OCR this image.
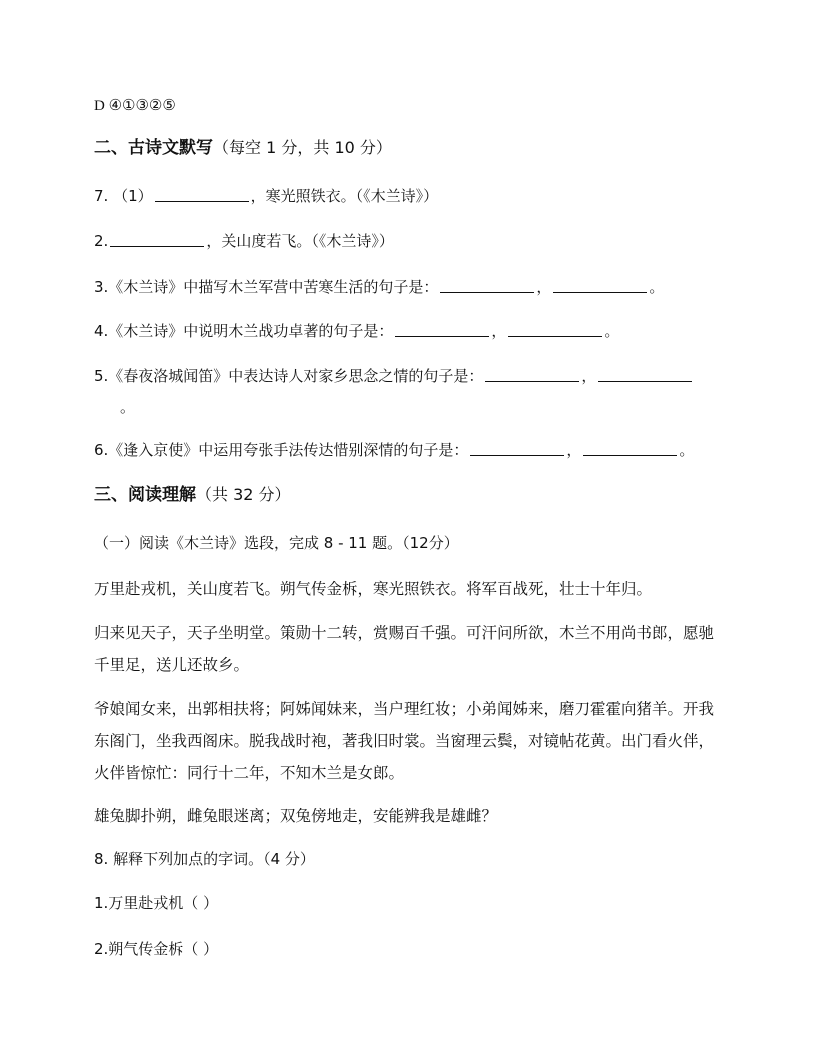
D ④①③②⑤
二、古诗文默写（每空 1 分，共 10 分）
7. （1）	，寒光照铁衣。（《木兰诗》）
2.	，关山度若飞。（《木兰诗》）
3.《木兰诗》中描写木兰军营中苦寒生活的句子是：	，	。
4.《木兰诗》中说明木兰战功卓著的句子是：	，	。
5.《春夜洛城闻笛》中表达诗人对家乡思念之情的句子是：	，
。
6.《逢入京使》中运用夸张手法传达惜别深情的句子是：	，	。
三、阅读理解（共 32 分）
（一）阅读《木兰诗》选段，完成 8 - 11 题。（12分）
万里赴戎机，关山度若飞。朔气传金柝，寒光照铁衣。将军百战死，壮士十年归。
归来见天子，天子坐明堂。策勋十二转，赏赐百千强。可汗问所欲，木兰不用尚书郎，愿驰千里足，送儿还故乡。
爷娘闻女来，出郭相扶将；阿姊闻妹来，当户理红妆；小弟闻姊来，磨刀霍霍向猪羊。开我东阁门，坐我西阁床。脱我战时袍，著我旧时裳。当窗理云鬓，对镜帖花黄。出门看火伴，火伴皆惊忙：同行十二年，不知木兰是女郎。
雄兔脚扑朔，雌兔眼迷离；双兔傍地走，安能辨我是雄雌？
8. 解释下列加点的字词。（4 分）
1.万里赴戎机（ ）
2.朔气传金柝（ ）
